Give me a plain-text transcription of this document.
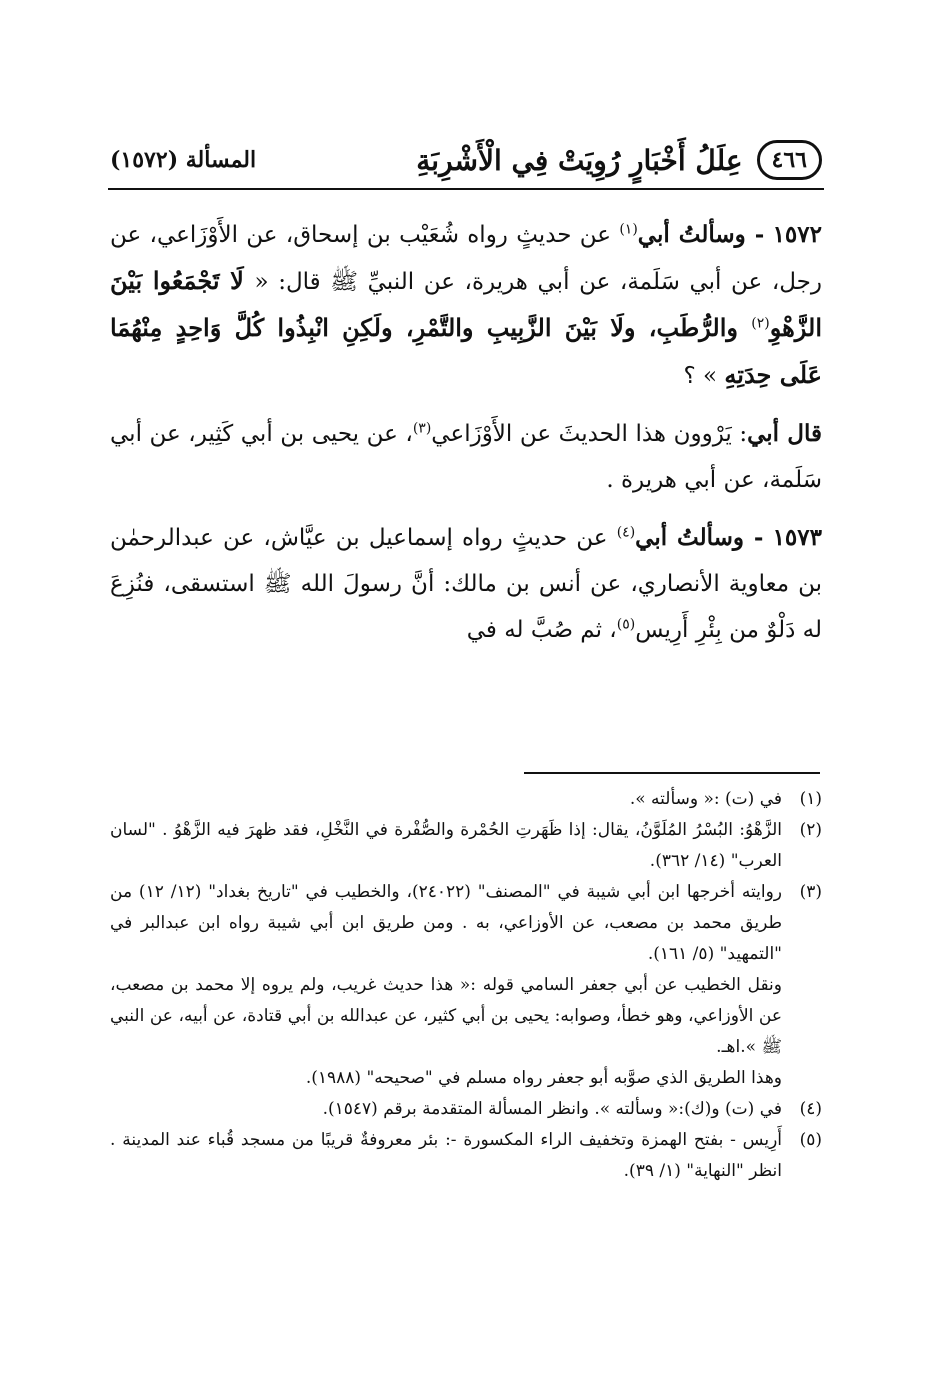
٤٦٦
عِلَلُ أَخْبَارٍ رُوِيَتْ فِي الْأَشْرِبَةِ
المسألة (١٥٧٢)

١٥٧٢ - وسألتُ أبي$^{(١)}$ عن حديثٍ رواه شُعَيْب بن إسحاق، عن الأَوْزَاعي، عن رجل، عن أبي سَلَمة، عن أبي هريرة، عن النبيِّ ﷺ قال: « لَا تَجْمَعُوا بَيْنَ الزَّهْوِ$^{(٢)}$ والرُّطَبِ، ولَا بَيْنَ الزَّبِيبِ والتَّمْرِ، ولَكِنِ انْبِذُوا كُلَّ وَاحِدٍ مِنْهُمَا عَلَى حِدَتِهِ » ؟

قال أبي: يَرْوون هذا الحديثَ عن الأَوْزَاعي$^{(٣)}$، عن يحيى بن أبي كَثِير، عن أبي سَلَمة، عن أبي هريرة .

١٥٧٣ - وسألتُ أبي$^{(٤)}$ عن حديثٍ رواه إسماعيل بن عيَّاش، عن عبدالرحمٰن بن معاوية الأنصاري، عن أنس بن مالك: أنَّ رسولَ الله ﷺ استسقى، فنُزِعَ له دَلْوٌ من بِئْرِ أَرِيس$^{(٥)}$، ثم صُبَّ له في

(١)
في (ت) :« وسألته ».
(٢)
الزَّهْوُ: البُسْرُ المُلَوَّنُ، يقال: إذا ظَهَرتِ الحُمْرة والصُّفْرة في النَّخْلِ، فقد ظهرَ فيه الزَّهْوُ . "لسان العرب" (١٤/ ٣٦٢).
(٣)
روايته أخرجها ابن أبي شيبة في "المصنف" (٢٤٠٢٢)، والخطيب في "تاريخ بغداد" (١٢/ ١٢) من طريق محمد بن مصعب، عن الأوزاعي، به . ومن طريق ابن أبي شيبة رواه ابن عبدالبر في "التمهيد" (٥/ ١٦١).
ونقل الخطيب عن أبي جعفر السامي قوله :« هذا حديث غريب، ولم يروه إلا محمد بن مصعب، عن الأوزاعي، وهو خطأ، وصوابه: يحيى بن أبي كثير، عن عبدالله بن أبي قتادة، عن أبيه، عن النبي ﷺ ».اهـ.
وهذا الطريق الذي صوَّبه أبو جعفر رواه مسلم في "صحيحه" (١٩٨٨).
(٤)
في (ت) و(ك):« وسألته ». وانظر المسألة المتقدمة برقم (١٥٤٧).
(٥)
أَرِيس - بفتح الهمزة وتخفيف الراء المكسورة -: بئر معروفةٌ قريبًا من مسجد قُباء عند المدينة . انظر "النهاية" (١/ ٣٩).
